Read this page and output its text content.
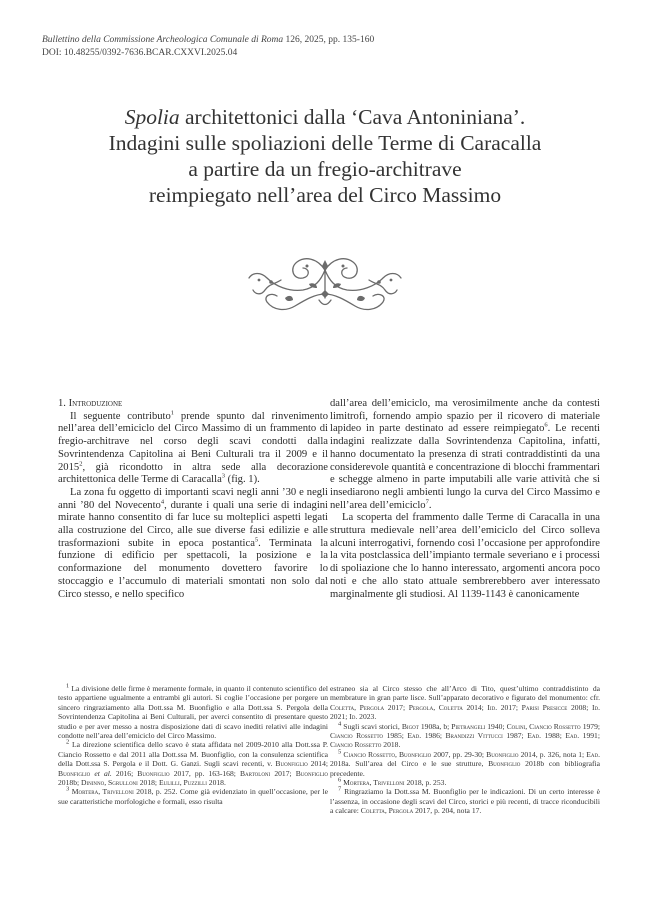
Bullettino della Commissione Archeologica Comunale di Roma 126, 2025, pp. 135-160
DOI: 10.48255/0392-7636.BCAR.CXXVI.2025.04
Spolia architettonici dalla ‘Cava Antoniniana’.
Indagini sulle spoliazioni delle Terme di Caracalla
a partire da un fregio-architrave
reimpiegato nell’area del Circo Massimo

1. Introduzione

Il seguente contributo$^1$ prende spunto dal rinvenimento nell’area dell’emiciclo del Circo Massimo di un frammento di fregio-architrave nel corso degli scavi condotti dalla Sovrintendenza Capitolina ai Beni Culturali tra il 2009 e il 2015$^2$, già ricondotto in altra sede alla decorazione architettonica delle Terme di Caracalla$^3$ (fig. 1).

La zona fu oggetto di importanti scavi negli anni ’30 e negli anni ’80 del Novecento$^4$, durante i quali una serie di indagini mirate hanno consentito di far luce su molteplici aspetti legati alla costruzione del Circo, alle sue diverse fasi edilizie e alle trasformazioni subite in epoca postantica$^5$. Terminata la funzione di edificio per spettacoli, la posizione e la conformazione del monumento dovettero favorire lo stoccaggio e l’accumulo di materiali smontati non solo dal Circo stesso, e nello specifico

dall’area dell’emiciclo, ma verosimilmente anche da contesti limitrofi, fornendo ampio spazio per il ricovero di materiale lapideo in parte destinato ad essere reimpiegato$^6$. Le recenti indagini realizzate dalla Sovrintendenza Capitolina, infatti, hanno documentato la presenza di strati contraddistinti da una considerevole quantità e concentrazione di blocchi frammentari e schegge almeno in parte imputabili alle varie attività che si insediarono negli ambienti lungo la curva del Circo Massimo e nell’area dell’emiciclo$^7$.

La scoperta del frammento dalle Terme di Caracalla in una struttura medievale nell’area dell’emiciclo del Circo solleva alcuni interrogativi, fornendo così l’occasione per approfondire la vita postclassica dell’impianto termale severiano e i processi di spoliazione che lo hanno interessato, argomenti ancora poco noti e che allo stato attuale sembrerebbero aver interessato marginalmente gli studiosi. Al 1139-1143 è canonicamente

$^1$ La divisione delle firme è meramente formale, in quanto il contenuto scientifico del testo appartiene ugualmente a entrambi gli autori. Si coglie l’occasione per porgere un sincero ringraziamento alla Dott.ssa M. Buonfiglio e alla Dott.ssa S. Pergola della Sovrintendenza Capitolina ai Beni Culturali, per averci consentito di presentare questo studio e per aver messo a nostra disposizione dati di scavo inediti relativi alle indagini condotte nell’area dell’emiciclo del Circo Massimo.

$^2$ La direzione scientifica dello scavo è stata affidata nel 2009-2010 alla Dott.ssa P. Ciancio Rossetto e dal 2011 alla Dott.ssa M. Buonfiglio, con la consulenza scientifica della Dott.ssa S. Pergola e il Dott. G. Ganzi. Sugli scavi recenti, v. Buonfiglio 2014; Buonfiglio et al. 2016; Buonfiglio 2017, pp. 163-168; Bartoloni 2017; Buonfiglio 2018b; Dininno, Sgrulloni 2018; Eulilli, Puzzilli 2018.

$^3$ Mortera, Trivelloni 2018, p. 252. Come già evidenziato in quell’occasione, per le sue caratteristiche morfologiche e formali, esso risulta

estraneo sia al Circo stesso che all’Arco di Tito, quest’ultimo contraddistinto da membrature in gran parte lisce. Sull’apparato decorativo e figurato del monumento: cfr. Coletta, Pergola 2017; Pergola, Coletta 2014; Iid. 2017; Parisi Presicce 2008; Id. 2021; Id. 2023.

$^4$ Sugli scavi storici, Bigot 1908a, b; Pietrangeli 1940; Colini, Ciancio Rossetto 1979; Ciancio Rossetto 1985; Ead. 1986; Brandizzi Vittucci 1987; Ead. 1988; Ead. 1991; Ciancio Rossetto 2018.

$^5$ Ciancio Rossetto, Buonfiglio 2007, pp. 29-30; Buonfiglio 2014, p. 326, nota 1; Ead. 2018a. Sull’area del Circo e le sue strutture, Buonfiglio 2018b con bibliografia precedente.

$^6$ Mortera, Trivelloni 2018, p. 253.

$^7$ Ringraziamo la Dott.ssa M. Buonfiglio per le indicazioni. Di un certo interesse è l’assenza, in occasione degli scavi del Circo, storici e più recenti, di tracce riconducibili a calcare: Coletta, Pergola 2017, p. 204, nota 17.
